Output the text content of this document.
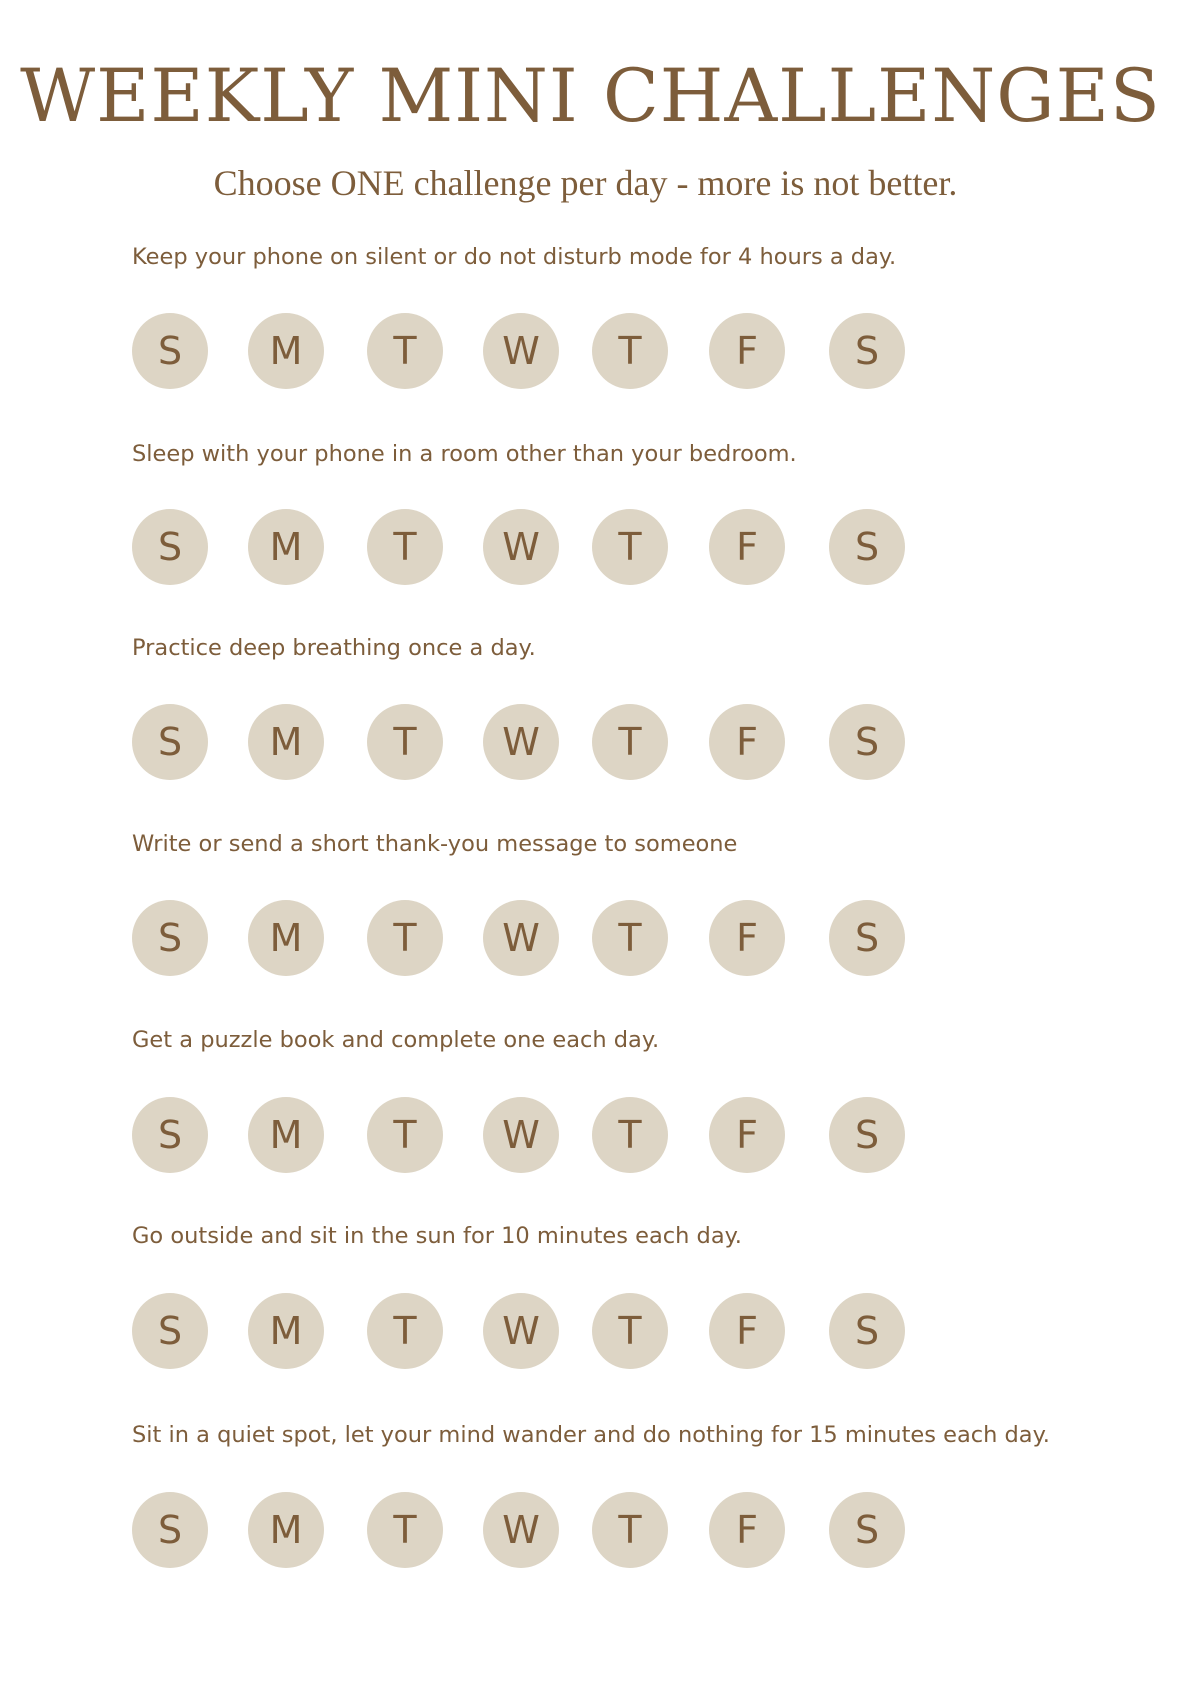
WEEKLY MINI CHALLENGES
Choose ONE challenge per day - more is not better.
Keep your phone on silent or do not disturb mode for 4 hours a day.
S	M	T	W	T	F	S
Sleep with your phone in a room other than your bedroom.
S	M	T	W	T	F	S
Practice deep breathing once a day.
S	M	T	W	T	F	S
Write or send a short thank-you message to someone
S	M	T	W	T	F	S
Get a puzzle book and complete one each day.
S	M	T	W	T	F	S
Go outside and sit in the sun for 10 minutes each day.
S	M	T	W	T	F	S
Sit in a quiet spot, let your mind wander and do nothing for 15 minutes each day.
S	M	T	W	T	F	S
